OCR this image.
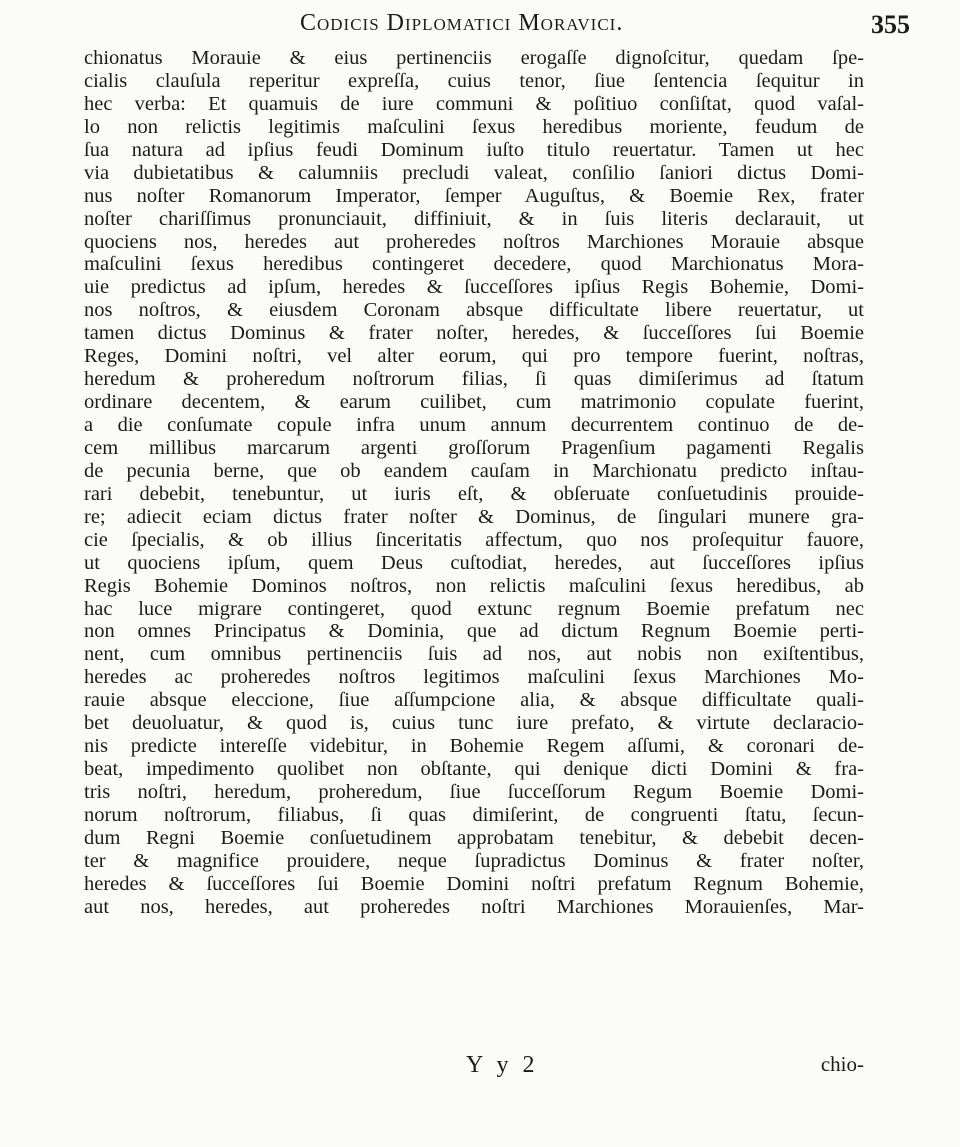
Codicis Diplomatici Moravici.	355
chionatus Morauie & eius pertinenciis erogaſſe dignoſcitur, quedam ſpe-
cialis clauſula reperitur expreſſa, cuius tenor, ſiue ſentencia ſequitur in
hec verba: Et quamuis de iure communi & poſitiuo conſiſtat, quod vaſal-
lo non relictis legitimis maſculini ſexus heredibus moriente, feudum de
ſua natura ad ipſius feudi Dominum iuſto titulo reuertatur. Tamen ut hec
via dubietatibus & calumniis precludi valeat, conſilio ſaniori dictus Domi-
nus noſter Romanorum Imperator, ſemper Auguſtus, & Boemie Rex, frater
noſter chariſſimus pronunciauit, diffiniuit, & in ſuis literis declarauit, ut
quociens nos, heredes aut proheredes noſtros Marchiones Morauie absque
maſculini ſexus heredibus contingeret decedere, quod Marchionatus Mora-
uie predictus ad ipſum, heredes & ſucceſſores ipſius Regis Bohemie, Domi-
nos noſtros, & eiusdem Coronam absque difficultate libere reuertatur, ut
tamen dictus Dominus & frater noſter, heredes, & ſucceſſores ſui Boemie
Reges, Domini noſtri, vel alter eorum, qui pro tempore fuerint, noſtras,
heredum & proheredum noſtrorum filias, ſi quas dimiſerimus ad ſtatum
ordinare decentem, & earum cuilibet, cum matrimonio copulate fuerint,
a die conſumate copule infra unum annum decurrentem continuo de de-
cem millibus marcarum argenti groſſorum Pragenſium pagamenti Regalis
de pecunia berne, que ob eandem cauſam in Marchionatu predicto inſtau-
rari debebit, tenebuntur, ut iuris eſt, & obſeruate conſuetudinis prouide-
re; adiecit eciam dictus frater noſter & Dominus, de ſingulari munere gra-
cie ſpecialis, & ob illius ſinceritatis affectum, quo nos proſequitur fauore,
ut quociens ipſum, quem Deus cuſtodiat, heredes, aut ſucceſſores ipſius
Regis Bohemie Dominos noſtros, non relictis maſculini ſexus heredibus, ab
hac luce migrare contingeret, quod extunc regnum Boemie prefatum nec
non omnes Principatus & Dominia, que ad dictum Regnum Boemie perti-
nent, cum omnibus pertinenciis ſuis ad nos, aut nobis non exiſtentibus,
heredes ac proheredes noſtros legitimos maſculini ſexus Marchiones Mo-
rauie absque eleccione, ſiue aſſumpcione alia, & absque difficultate quali-
bet deuoluatur, & quod is, cuius tunc iure prefato, & virtute declaracio-
nis predicte intereſſe videbitur, in Bohemie Regem aſſumi, & coronari de-
beat, impedimento quolibet non obſtante, qui denique dicti Domini & fra-
tris noſtri, heredum, proheredum, ſiue ſucceſſorum Regum Boemie Domi-
norum noſtrorum, filiabus, ſi quas dimiſerint, de congruenti ſtatu, ſecun-
dum Regni Boemie conſuetudinem approbatam tenebitur, & debebit decen-
ter & magnifice prouidere, neque ſupradictus Dominus & frater noſter,
heredes & ſucceſſores ſui Boemie Domini noſtri prefatum Regnum Bohemie,
aut nos, heredes, aut proheredes noſtri Marchiones Morauienſes, Mar-
Y y 2	chio-
